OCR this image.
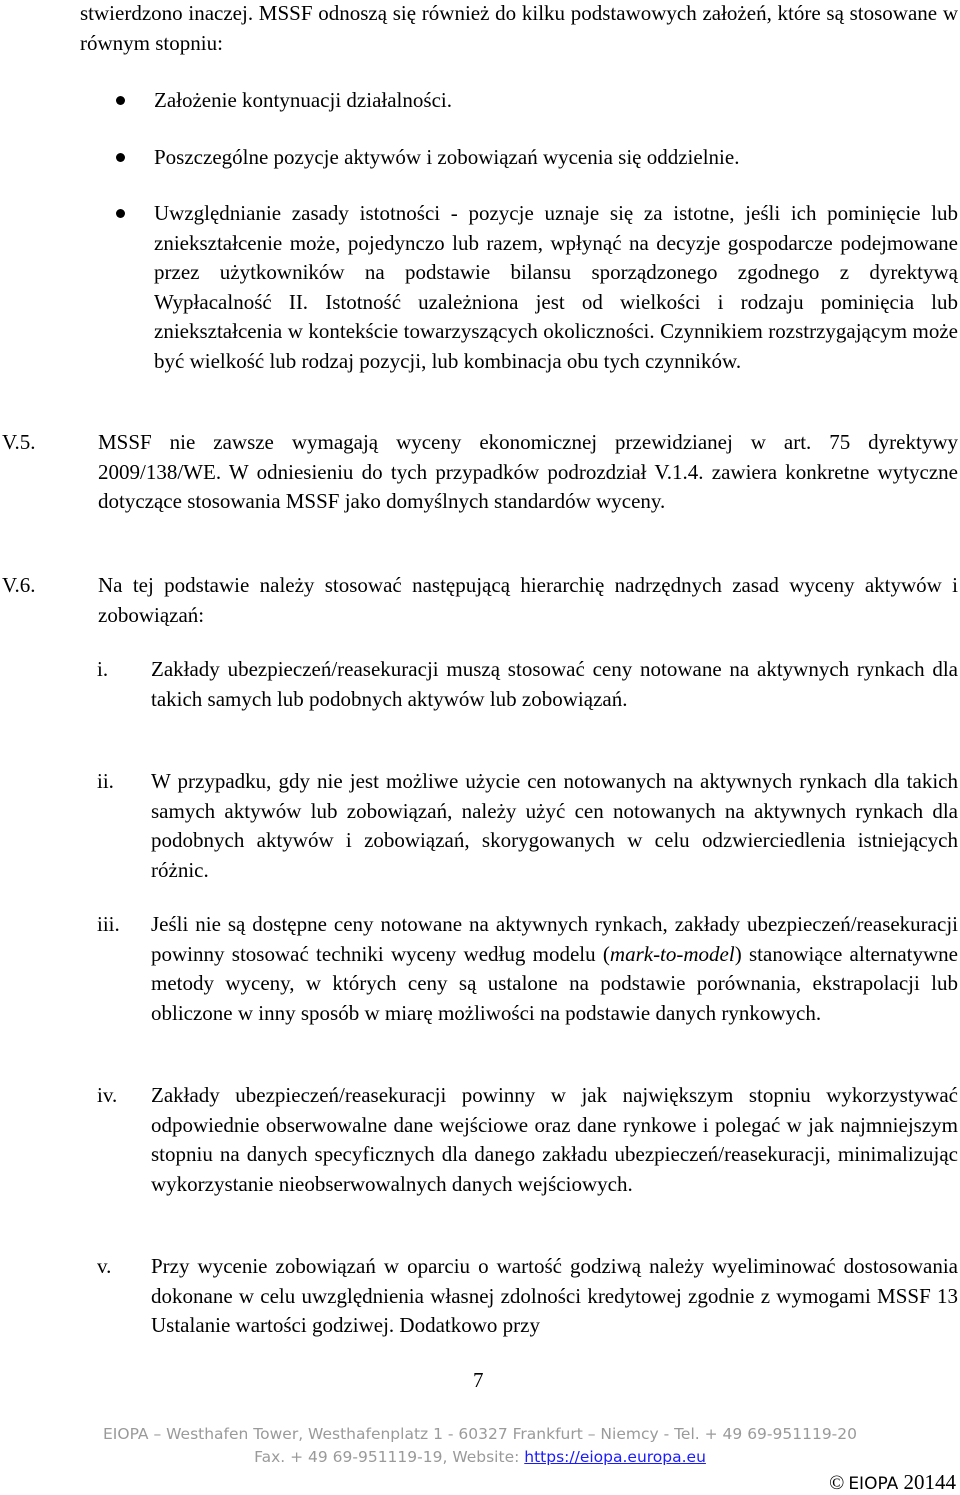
stwierdzono inaczej. MSSF odnoszą się również do kilku podstawowych założeń, które są stosowane w równym stopniu:
Założenie kontynuacji działalności.
Poszczególne pozycje aktywów i zobowiązań wycenia się oddzielnie.
Uwzględnianie zasady istotności - pozycje uznaje się za istotne, jeśli ich pominięcie lub zniekształcenie może, pojedynczo lub razem, wpłynąć na decyzje gospodarcze podejmowane przez użytkowników na podstawie bilansu sporządzonego zgodnego z dyrektywą Wypłacalność II. Istotność uzależniona jest od wielkości i rodzaju pominięcia lub zniekształcenia w kontekście towarzyszących okoliczności. Czynnikiem rozstrzygającym może być wielkość lub rodzaj pozycji, lub kombinacja obu tych czynników.
V.5.	MSSF nie zawsze wymagają wyceny ekonomicznej przewidzianej w art. 75 dyrektywy 2009/138/WE. W odniesieniu do tych przypadków podrozdział V.1.4. zawiera konkretne wytyczne dotyczące stosowania MSSF jako domyślnych standardów wyceny.
V.6.	Na tej podstawie należy stosować następującą hierarchię nadrzędnych zasad wyceny aktywów i zobowiązań:
i. Zakłady ubezpieczeń/reasekuracji muszą stosować ceny notowane na aktywnych rynkach dla takich samych lub podobnych aktywów lub zobowiązań.
ii. W przypadku, gdy nie jest możliwe użycie cen notowanych na aktywnych rynkach dla takich samych aktywów lub zobowiązań, należy użyć cen notowanych na aktywnych rynkach dla podobnych aktywów i zobowiązań, skorygowanych w celu odzwierciedlenia istniejących różnic.
iii. Jeśli nie są dostępne ceny notowane na aktywnych rynkach, zakłady ubezpieczeń/reasekuracji powinny stosować techniki wyceny według modelu (mark-to-model) stanowiące alternatywne metody wyceny, w których ceny są ustalone na podstawie porównania, ekstrapolacji lub obliczone w inny sposób w miarę możliwości na podstawie danych rynkowych.
iv. Zakłady ubezpieczeń/reasekuracji powinny w jak największym stopniu wykorzystywać odpowiednie obserwowalne dane wejściowe oraz dane rynkowe i polegać w jak najmniejszym stopniu na danych specyficznych dla danego zakładu ubezpieczeń/reasekuracji, minimalizując wykorzystanie nieobserwowalnych danych wejściowych.
v. Przy wycenie zobowiązań w oparciu o wartość godziwą należy wyeliminować dostosowania dokonane w celu uwzględnienia własnej zdolności kredytowej zgodnie z wymogami MSSF 13 Ustalanie wartości godziwej. Dodatkowo przy
7
EIOPA – Westhafen Tower, Westhafenplatz 1 - 60327 Frankfurt – Niemcy - Tel. + 49 69-951119-20
Fax. + 49 69-951119-19, Website: https://eiopa.europa.eu
© EIOPA 20144
